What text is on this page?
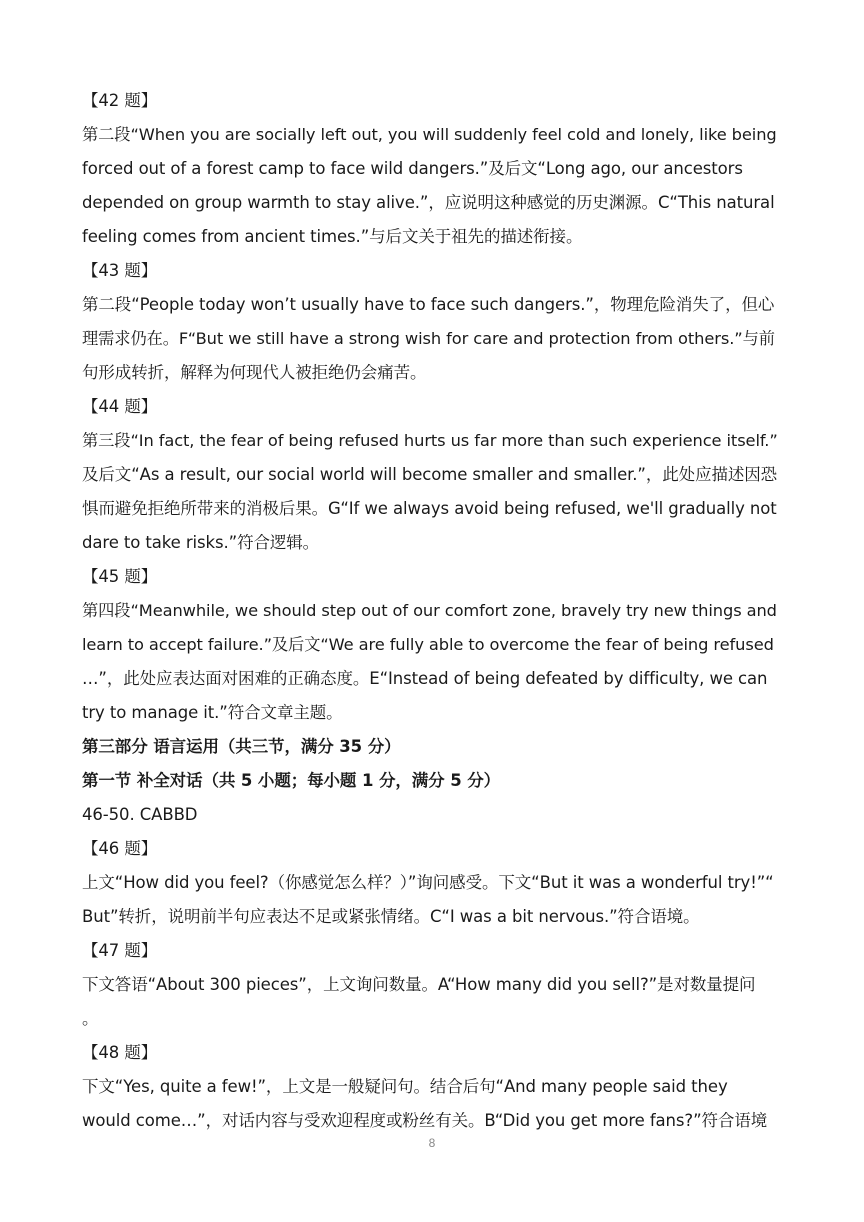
【42 题】
第二段“When you are socially left out, you will suddenly feel cold and lonely, like being
forced out of a forest camp to face wild dangers.”及后文“Long ago, our ancestors
depended on group warmth to stay alive.”，应说明这种感觉的历史渊源。C“This natural
feeling comes from ancient times.”与后文关于祖先的描述衔接。
【43 题】
第二段“People today won’t usually have to face such dangers.”，物理危险消失了，但心
理需求仍在。F“But we still have a strong wish for care and protection from others.”与前
句形成转折，解释为何现代人被拒绝仍会痛苦。
【44 题】
第三段“In fact, the fear of being refused hurts us far more than such experience itself.”
及后文“As a result, our social world will become smaller and smaller.”，此处应描述因恐
惧而避免拒绝所带来的消极后果。G“If we always avoid being refused, we'll gradually not
dare to take risks.”符合逻辑。
【45 题】
第四段“Meanwhile, we should step out of our comfort zone, bravely try new things and
learn to accept failure.”及后文“We are fully able to overcome the fear of being refused
…”，此处应表达面对困难的正确态度。E“Instead of being defeated by difficulty, we can
try to manage it.”符合文章主题。
第三部分 语言运用（共三节，满分 35 分）
第一节 补全对话（共 5 小题；每小题 1 分，满分 5 分）
46-50. CABBD
【46 题】
上文“How did you feel?（你感觉怎么样？）”询问感受。下文“But it was a wonderful try!”“
But”转折，说明前半句应表达不足或紧张情绪。C“I was a bit nervous.”符合语境。
【47 题】
下文答语“About 300 pieces”，上文询问数量。A“How many did you sell?”是对数量提问
。
【48 题】
下文“Yes, quite a few!”，上文是一般疑问句。结合后句“And many people said they
would come…”，对话内容与受欢迎程度或粉丝有关。B“Did you get more fans?”符合语境
8
